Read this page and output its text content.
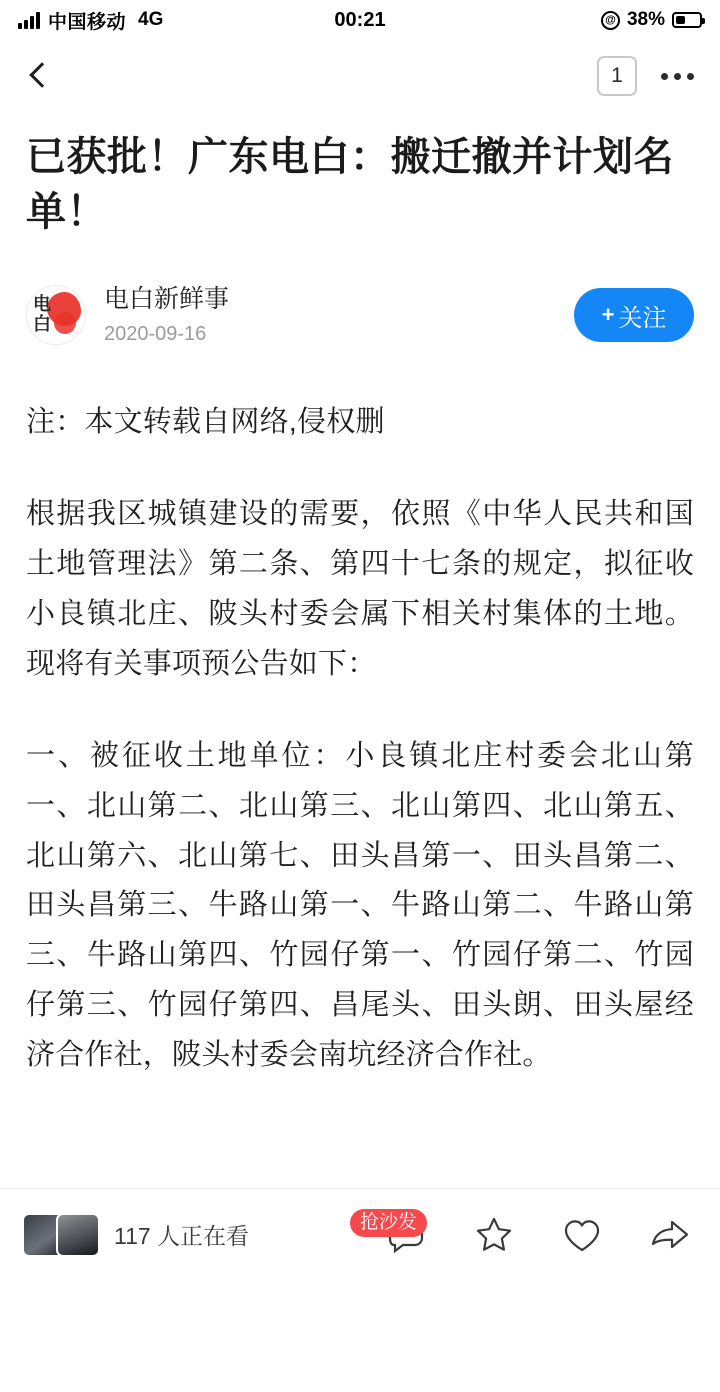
中国移动 4G	00:21	@ 38%
1
已获批！广东电白：搬迁撤并计划名单！
电
白
电白新鲜事
2020-09-16
+ 关注

注：本文转载自网络,侵权删

根据我区城镇建设的需要，依照《中华人民共和国土地管理法》第二条、第四十七条的规定，拟征收小良镇北庄、陂头村委会属下相关村集体的土地。现将有关事项预公告如下：

一、被征收土地单位：小良镇北庄村委会北山第一、北山第二、北山第三、北山第四、北山第五、北山第六、北山第七、田头昌第一、田头昌第二、田头昌第三、牛路山第一、牛路山第二、牛路山第三、牛路山第四、竹园仔第一、竹园仔第二、竹园仔第三、竹园仔第四、昌尾头、田头朗、田头屋经济合作社，陂头村委会南坑经济合作社。

117 人正在看
抢沙发
